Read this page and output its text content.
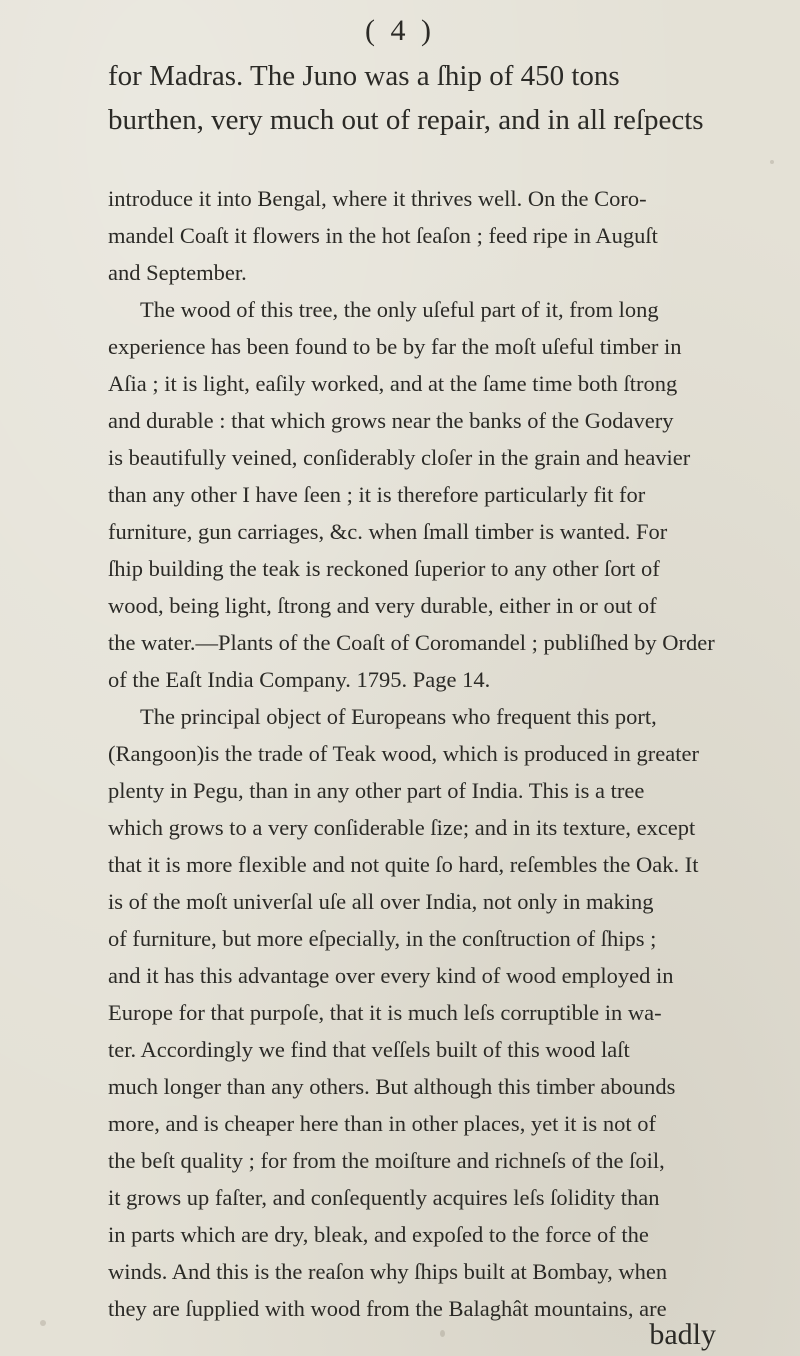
( 4 )
for Madras. The Juno was a ſhip of 450 tons
burthen, very much out of repair, and in all reſpects
introduce it into Bengal, where it thrives well. On the Coro-
mandel Coaſt it flowers in the hot ſeaſon ; feed ripe in Auguſt
and September.
The wood of this tree, the only uſeful part of it, from long
experience has been found to be by far the moſt uſeful timber in
Aſia ; it is light, eaſily worked, and at the ſame time both ſtrong
and durable : that which grows near the banks of the Godavery
is beautifully veined, conſiderably cloſer in the grain and heavier
than any other I have ſeen ; it is therefore particularly fit for
furniture, gun carriages, &c. when ſmall timber is wanted. For
ſhip building the teak is reckoned ſuperior to any other ſort of
wood, being light, ſtrong and very durable, either in or out of
the water.—Plants of the Coaſt of Coromandel ; publiſhed by Order
of the Eaſt India Company. 1795. Page 14.
The principal object of Europeans who frequent this port,
(Rangoon)is the trade of Teak wood, which is produced in greater
plenty in Pegu, than in any other part of India. This is a tree
which grows to a very conſiderable ſize; and in its texture, except
that it is more flexible and not quite ſo hard, reſembles the Oak. It
is of the moſt univerſal uſe all over India, not only in making
of furniture, but more eſpecially, in the conſtruction of ſhips ;
and it has this advantage over every kind of wood employed in
Europe for that purpoſe, that it is much leſs corruptible in wa-
ter. Accordingly we find that veſſels built of this wood laſt
much longer than any others. But although this timber abounds
more, and is cheaper here than in other places, yet it is not of
the beſt quality ; for from the moiſture and richneſs of the ſoil,
it grows up faſter, and conſequently acquires leſs ſolidity than
in parts which are dry, bleak, and expoſed to the force of the
winds. And this is the reaſon why ſhips built at Bombay, when
they are ſupplied with wood from the Balaghât mountains, are
badly
